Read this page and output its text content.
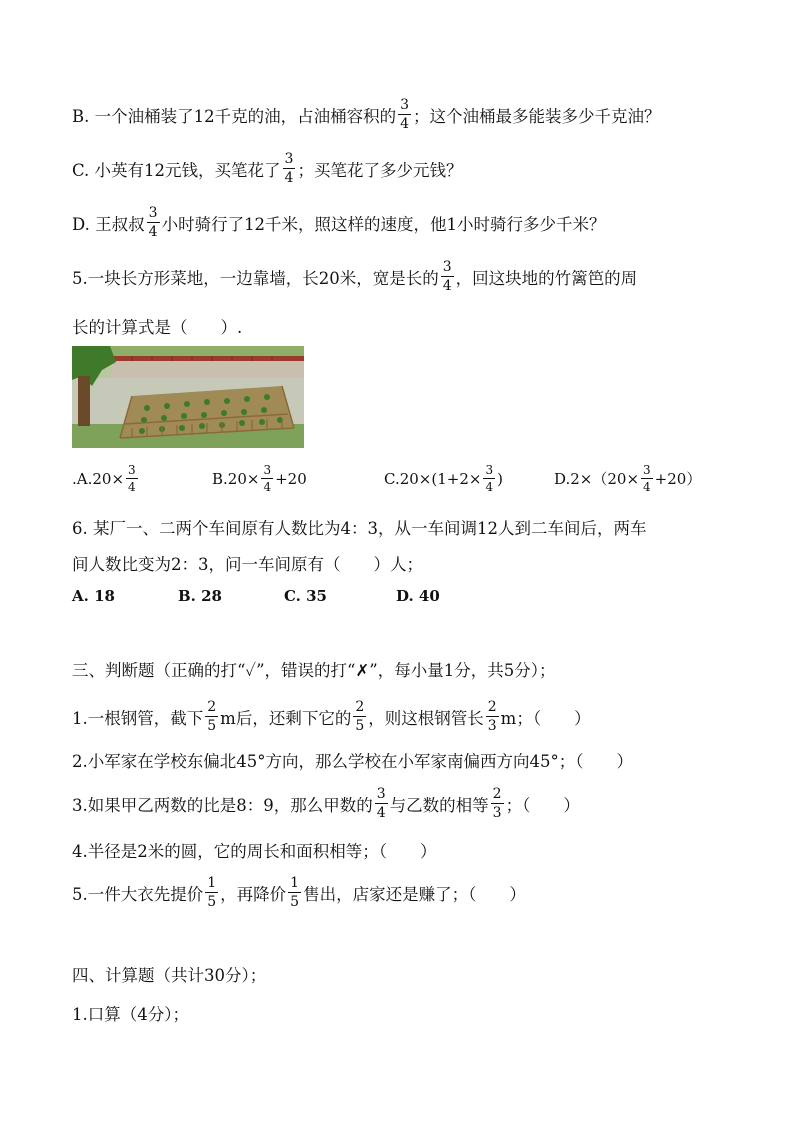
B. 一个油桶装了12千克的油，占油桶容积的 $\frac{3}{4}$ ；这个油桶最多能装多少千克油？
C. 小英有12元钱，买笔花了 $\frac{3}{4}$ ；买笔花了多少元钱？
D. 王叔叔 $\frac{3}{4}$ 小时骑行了12千米，照这样的速度，他1小时骑行多少千米？
5.一块长方形菜地，一边靠墙，长20米，宽是长的 $\frac{3}{4}$ ，回这块地的竹篱笆的周
长的计算式是（　　）.
$.A.20\times \frac{3}{4}$	$B.20\times \frac{3}{4} +20$	$C.20\times(1+2\times \frac{3}{4}$ )	$D.2\times(20\times \frac{3}{4} +20)$
6. 某厂一、二两个车间原有人数比为4：3，从一车间调12人到二车间后，两车
间人数比变为2：3，问一车间原有（　　）人；
A. 18	B. 28	C. 35	D. 40
三、判断题（正确的打“✓”，错误的打“✗”，每小量1分，共5分）；
1.一根钢管，截下 $\frac{2}{5}$ m后，还剩下它的 $\frac{2}{5}$ ，则这根钢管长 $\frac{2}{3}$ m；（　　）
2.小军家在学校东偏北45°方向，那么学校在小军家南偏西方向45°；（　　）
3.如果甲乙两数的比是8：9，那么甲数的 $\frac{3}{4}$ 与乙数的相等 $\frac{2}{3}$ ；（　　）
4.半径是2米的圆，它的周长和面积相等；（　　）
5.一件大衣先提价 $\frac{1}{5}$ ，再降价 $\frac{1}{5}$ 售出，店家还是赚了；（　　）
四、计算题（共计30分）；
1.口算（4分）；
